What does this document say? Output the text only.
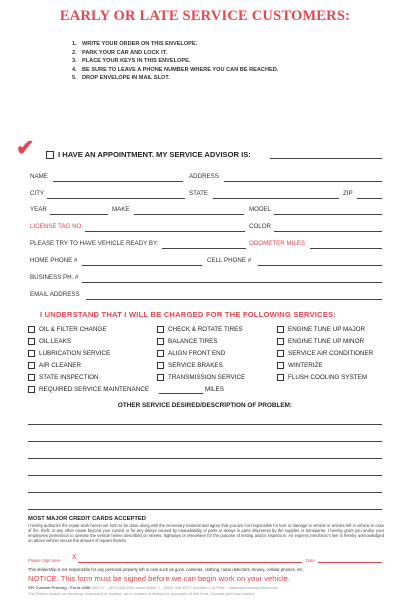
EARLY OR LATE SERVICE CUSTOMERS:
1. WRITE YOUR ORDER ON THIS ENVELOPE.
2. PARK YOUR CAR AND LOCK IT.
3. PLACE YOUR KEYS IN THIS ENVELOPE.
4. BE SURE TO LEAVE A PHONE NUMBER WHERE YOU CAN BE REACHED.
5. DROP ENVELOPE IN MAIL SLOT.
✔	I HAVE AN APPOINTMENT. MY SERVICE ADVISOR IS:
NAME	ADDRESS
CITY	STATE	ZIP
YEAR	MAKE	MODEL
LICENSE TAG NO.	COLOR
PLEASE TRY TO HAVE VEHICLE READY BY:	ODOMETER MILES
HOME PHONE #	CELL PHONE #
BUSINESS PH. #
EMAIL ADDRESS
I UNDERSTAND THAT I WILL BE CHARGED FOR THE FOLLOWING SERVICES:
OIL & FILTER CHANGE
OIL LEAKS
LUBRICATION SERVICE
AIR CLEANER
STATE INSPECTION
CHECK & ROTATE TIRES
BALANCE TIRES
ALIGN FRONT END
SERVICE BRAKES
TRANSMISSION SERVICE
ENGINE TUNE UP MAJOR
ENGINE TUNE UP MINOR
SERVICE AIR CONDITIONER
WINTERIZE
FLUSH COOLING SYSTEM
REQUIRED SERVICE MAINTENANCE	MILES
OTHER SERVICE DESIRED/DESCRIPTION OF PROBLEM:
MOST MAJOR CREDIT CARDS ACCEPTED
I hereby authorize the repair work herein set forth to be done along with the necessary material and agree that you are not responsible for loss or damage to vehicle or articles left in vehicle in case of fire, theft, or any other cause beyond your control or for any delays caused by unavailability of parts or delays in parts shipments by the supplier or transporter. I hereby grant you and/or your employees permission to operate the vehicle herein described on streets, highways or elsewhere for the purpose of testing and/or inspection. An express mechanic's lien is hereby acknowledged on above vehicle secure the amount of repairs thereto.
Please Sign Here X	Date
This dealership is not responsible for any personal property left in cars such as guns, cameras, clothing, radar detectors, money, cellular phones, etc.
NOTICE: This form must be signed before we can begin work on your vehicle.
SPI Custom Printing - Form #456 (800) 2... (800) 946-Ren-rance-(888) 2... (800) 946-8373 Southern Ca Print... www.spicustomprinting.com
The Printer makes no warranty, expressed or implied, as to content or fitness for purposes of this form. Consult your own lawyer.
